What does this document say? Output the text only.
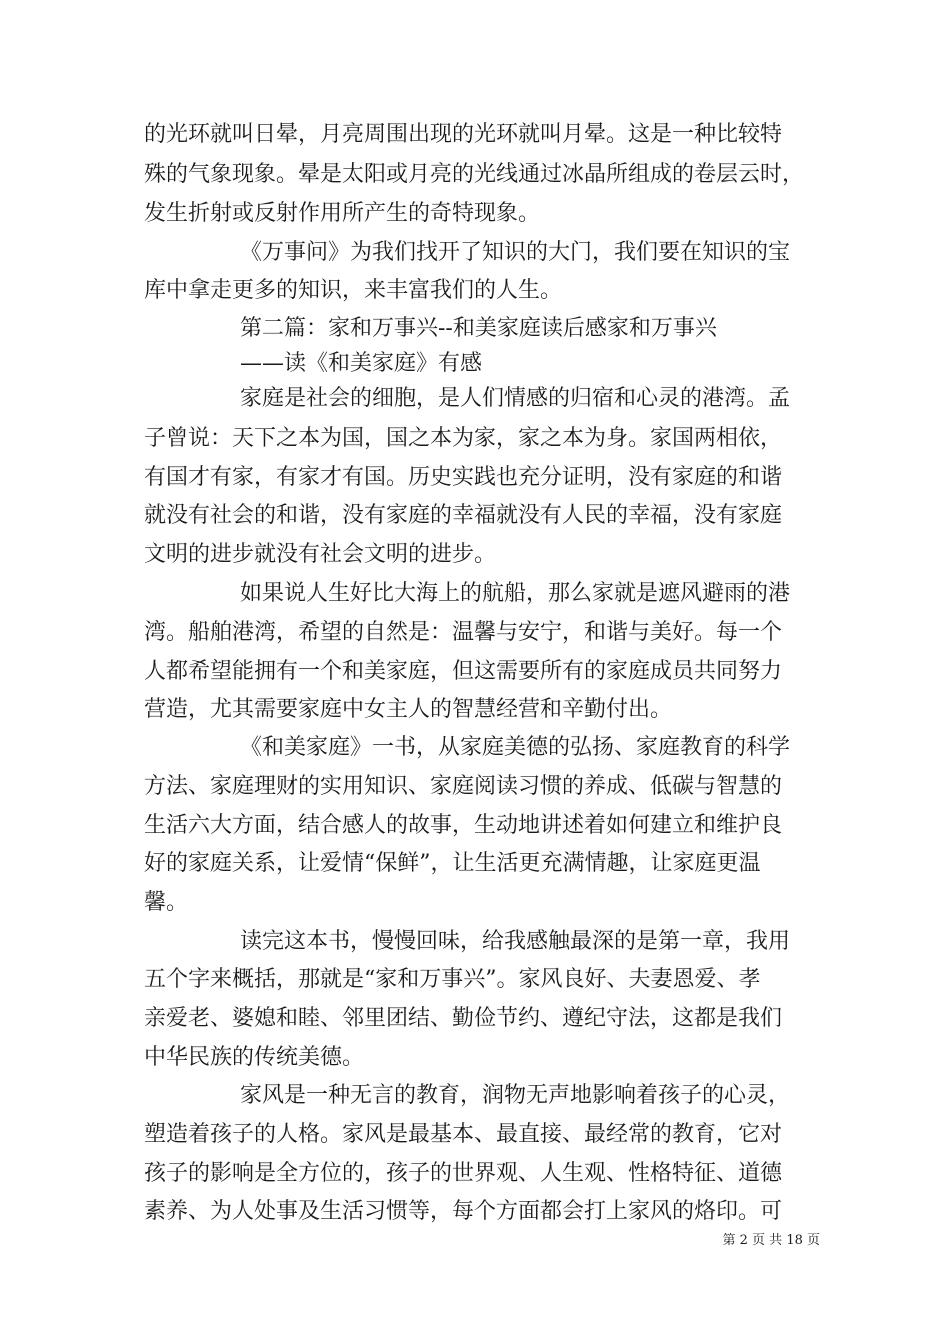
的光环就叫日晕，月亮周围出现的光环就叫月晕。这是一种比较特
殊的气象现象。晕是太阳或月亮的光线通过冰晶所组成的卷层云时，
发生折射或反射作用所产生的奇特现象。
《万事问》为我们找开了知识的大门，我们要在知识的宝
库中拿走更多的知识，来丰富我们的人生。
第二篇：家和万事兴--和美家庭读后感家和万事兴
——读《和美家庭》有感
家庭是社会的细胞，是人们情感的归宿和心灵的港湾。孟
子曾说：天下之本为国，国之本为家，家之本为身。家国两相依，
有国才有家，有家才有国。历史实践也充分证明，没有家庭的和谐
就没有社会的和谐，没有家庭的幸福就没有人民的幸福，没有家庭
文明的进步就没有社会文明的进步。
如果说人生好比大海上的航船，那么家就是遮风避雨的港
湾。船舶港湾，希望的自然是：温馨与安宁，和谐与美好。每一个
人都希望能拥有一个和美家庭，但这需要所有的家庭成员共同努力
营造，尤其需要家庭中女主人的智慧经营和辛勤付出。
《和美家庭》一书，从家庭美德的弘扬、家庭教育的科学
方法、家庭理财的实用知识、家庭阅读习惯的养成、低碳与智慧的
生活六大方面，结合感人的故事，生动地讲述着如何建立和维护良
好的家庭关系，让爱情“保鲜”，让生活更充满情趣，让家庭更温
馨。
读完这本书，慢慢回味，给我感触最深的是第一章，我用
五个字来概括，那就是“家和万事兴”。家风良好、夫妻恩爱、孝
亲爱老、婆媳和睦、邻里团结、勤俭节约、遵纪守法，这都是我们
中华民族的传统美德。
家风是一种无言的教育，润物无声地影响着孩子的心灵，
塑造着孩子的人格。家风是最基本、最直接、最经常的教育，它对
孩子的影响是全方位的，孩子的世界观、人生观、性格特征、道德
素养、为人处事及生活习惯等，每个方面都会打上家风的烙印。可
第 2 页 共 18 页
